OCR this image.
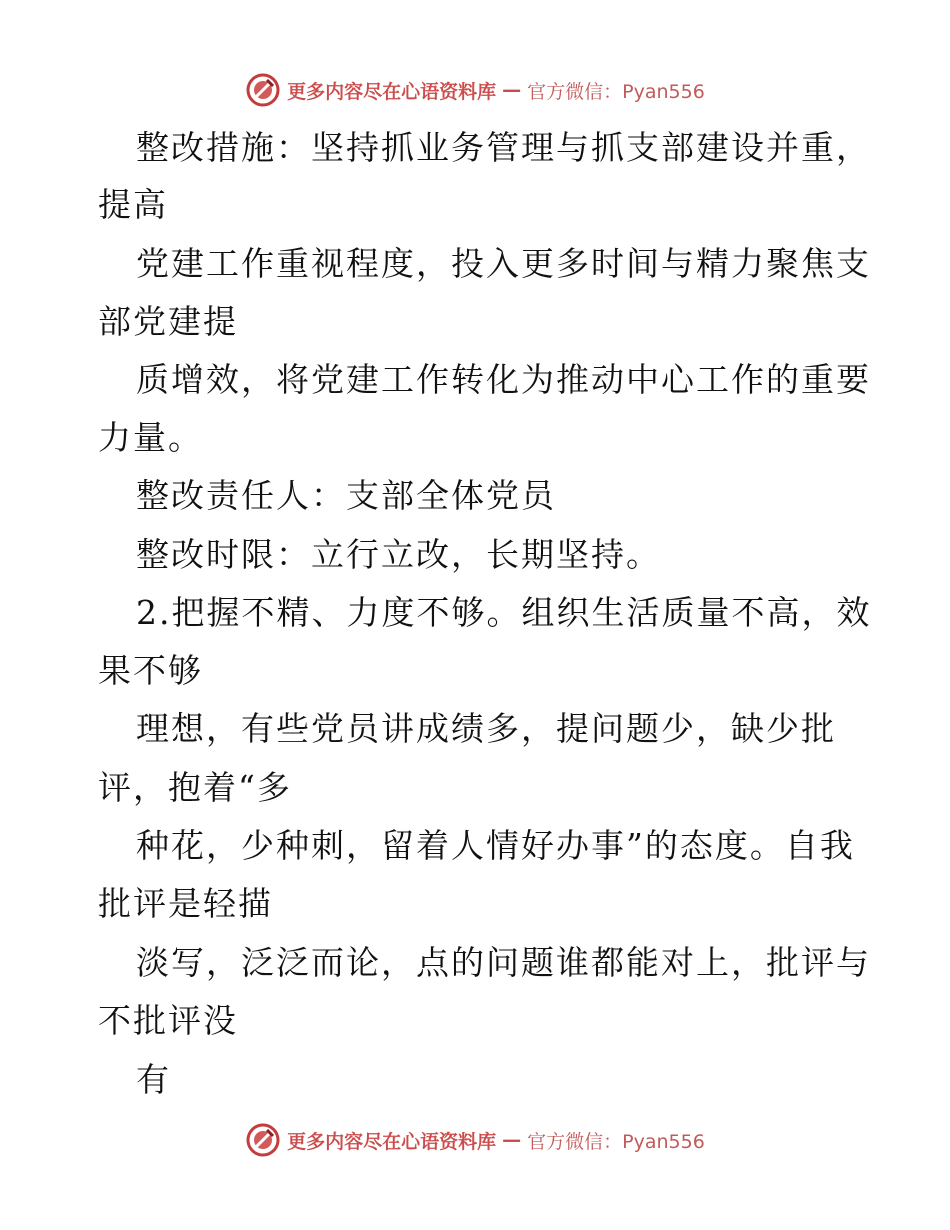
更多内容尽在心语资料库 — 官方微信：Pyan556
整改措施：坚持抓业务管理与抓支部建设并重，
提高
党建工作重视程度，投入更多时间与精力聚焦支
部党建提
质增效，将党建工作转化为推动中心工作的重要
力量。
整改责任人：支部全体党员
整改时限：立行立改，长期坚持。
2.把握不精、力度不够。组织生活质量不高，效
果不够
理想，有些党员讲成绩多，提问题少，缺少批
评，抱着“多
种花，少种刺，留着人情好办事”的态度。自我
批评是轻描
淡写，泛泛而论，点的问题谁都能对上，批评与
不批评没
有
更多内容尽在心语资料库 — 官方微信：Pyan556
